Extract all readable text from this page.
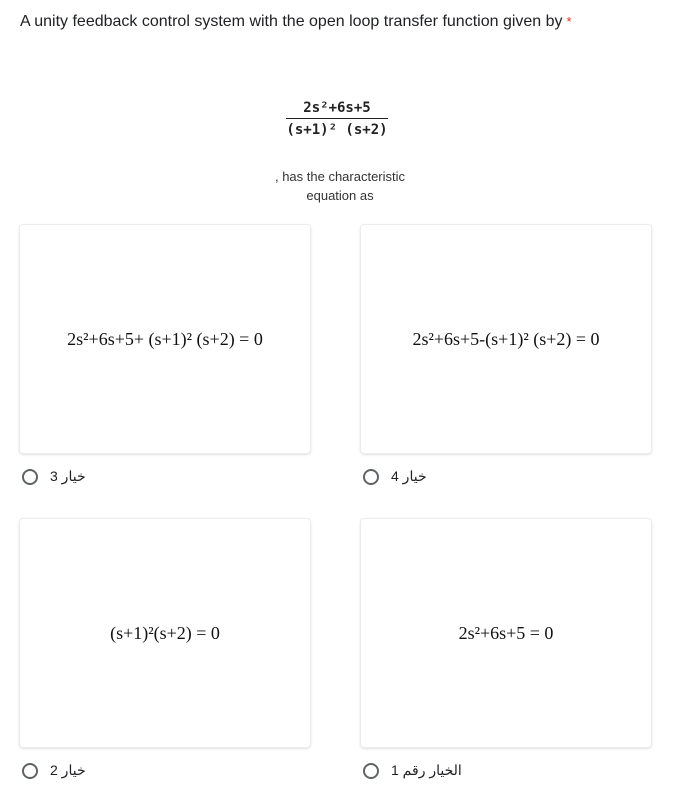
A unity feedback control system with the open loop transfer function given by *
2s²+6s+5
(s+1)² (s+2)
, has the characteristic
equation as
2s²+6s+5+ (s+1)² (s+2) = 0
خيار 3
2s²+6s+5-(s+1)² (s+2) = 0
خيار 4
(s+1)²(s+2) = 0
خيار 2
2s²+6s+5 = 0
الخيار رقم 1
